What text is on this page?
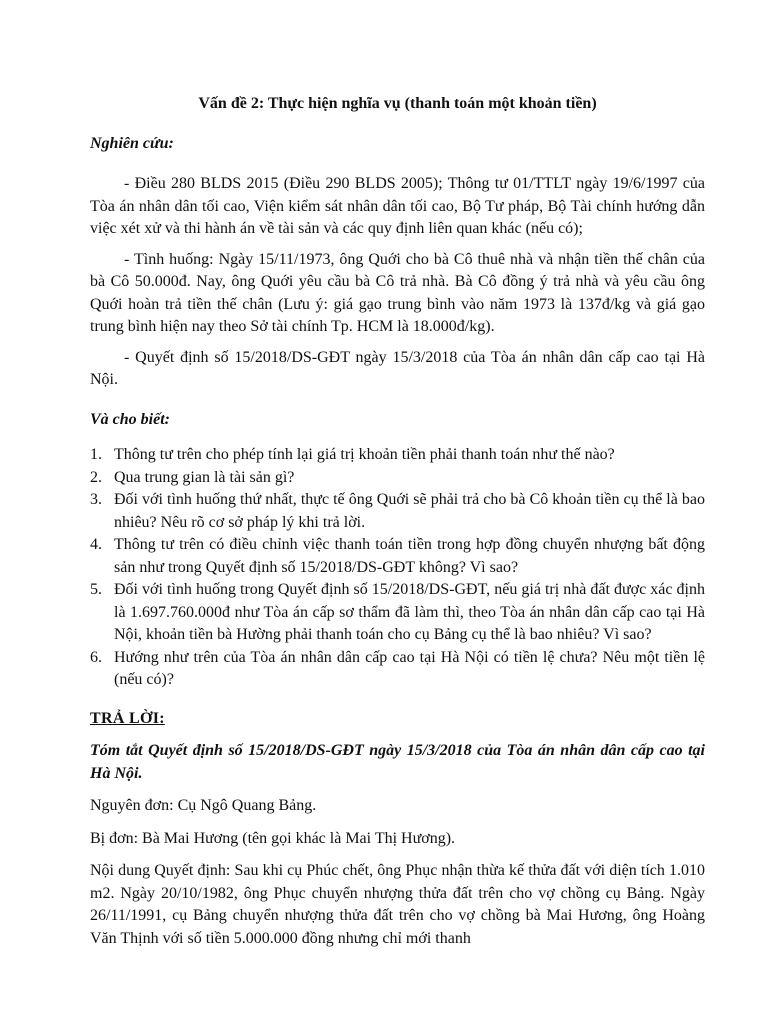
Vấn đề 2: Thực hiện nghĩa vụ (thanh toán một khoản tiền)
Nghiên cứu:

- Điều 280 BLDS 2015 (Điều 290 BLDS 2005); Thông tư 01/TTLT ngày 19/6/1997 của Tòa án nhân dân tối cao, Viện kiểm sát nhân dân tối cao, Bộ Tư pháp, Bộ Tài chính hướng dẫn việc xét xử và thi hành án về tài sản và các quy định liên quan khác (nếu có);

- Tình huống: Ngày 15/11/1973, ông Quới cho bà Cô thuê nhà và nhận tiền thế chân của bà Cô 50.000đ. Nay, ông Quới yêu cầu bà Cô trả nhà. Bà Cô đồng ý trả nhà và yêu cầu ông Quới hoàn trả tiền thế chân (Lưu ý: giá gạo trung bình vào năm 1973 là 137đ/kg và giá gạo trung bình hiện nay theo Sở tài chính Tp. HCM là 18.000đ/kg).

- Quyết định số 15/2018/DS-GĐT ngày 15/3/2018 của Tòa án nhân dân cấp cao tại Hà Nội.

Và cho biết:
1. Thông tư trên cho phép tính lại giá trị khoản tiền phải thanh toán như thế nào?
2. Qua trung gian là tài sản gì?
3. Đối với tình huống thứ nhất, thực tế ông Quới sẽ phải trả cho bà Cô khoản tiền cụ thể là bao nhiêu? Nêu rõ cơ sở pháp lý khi trả lời.
4. Thông tư trên có điều chỉnh việc thanh toán tiền trong hợp đồng chuyển nhượng bất động sản như trong Quyết định số 15/2018/DS-GĐT không? Vì sao?
5. Đối với tình huống trong Quyết định số 15/2018/DS-GĐT, nếu giá trị nhà đất được xác định là 1.697.760.000đ như Tòa án cấp sơ thẩm đã làm thì, theo Tòa án nhân dân cấp cao tại Hà Nội, khoản tiền bà Hường phải thanh toán cho cụ Bảng cụ thể là bao nhiêu? Vì sao?
6. Hướng như trên của Tòa án nhân dân cấp cao tại Hà Nội có tiền lệ chưa? Nêu một tiền lệ (nếu có)?
TRẢ LỜI:
Tóm tắt Quyết định số 15/2018/DS-GĐT ngày 15/3/2018 của Tòa án nhân dân cấp cao tại Hà Nội.
Nguyên đơn: Cụ Ngô Quang Bảng.
Bị đơn: Bà Mai Hương (tên gọi khác là Mai Thị Hương).
Nội dung Quyết định: Sau khi cụ Phúc chết, ông Phục nhận thừa kế thửa đất với diện tích 1.010 m2. Ngày 20/10/1982, ông Phục chuyển nhượng thửa đất trên cho vợ chồng cụ Bảng. Ngày 26/11/1991, cụ Bảng chuyển nhượng thửa đất trên cho vợ chồng bà Mai Hương, ông Hoàng Văn Thịnh với số tiền 5.000.000 đồng nhưng chỉ mới thanh
